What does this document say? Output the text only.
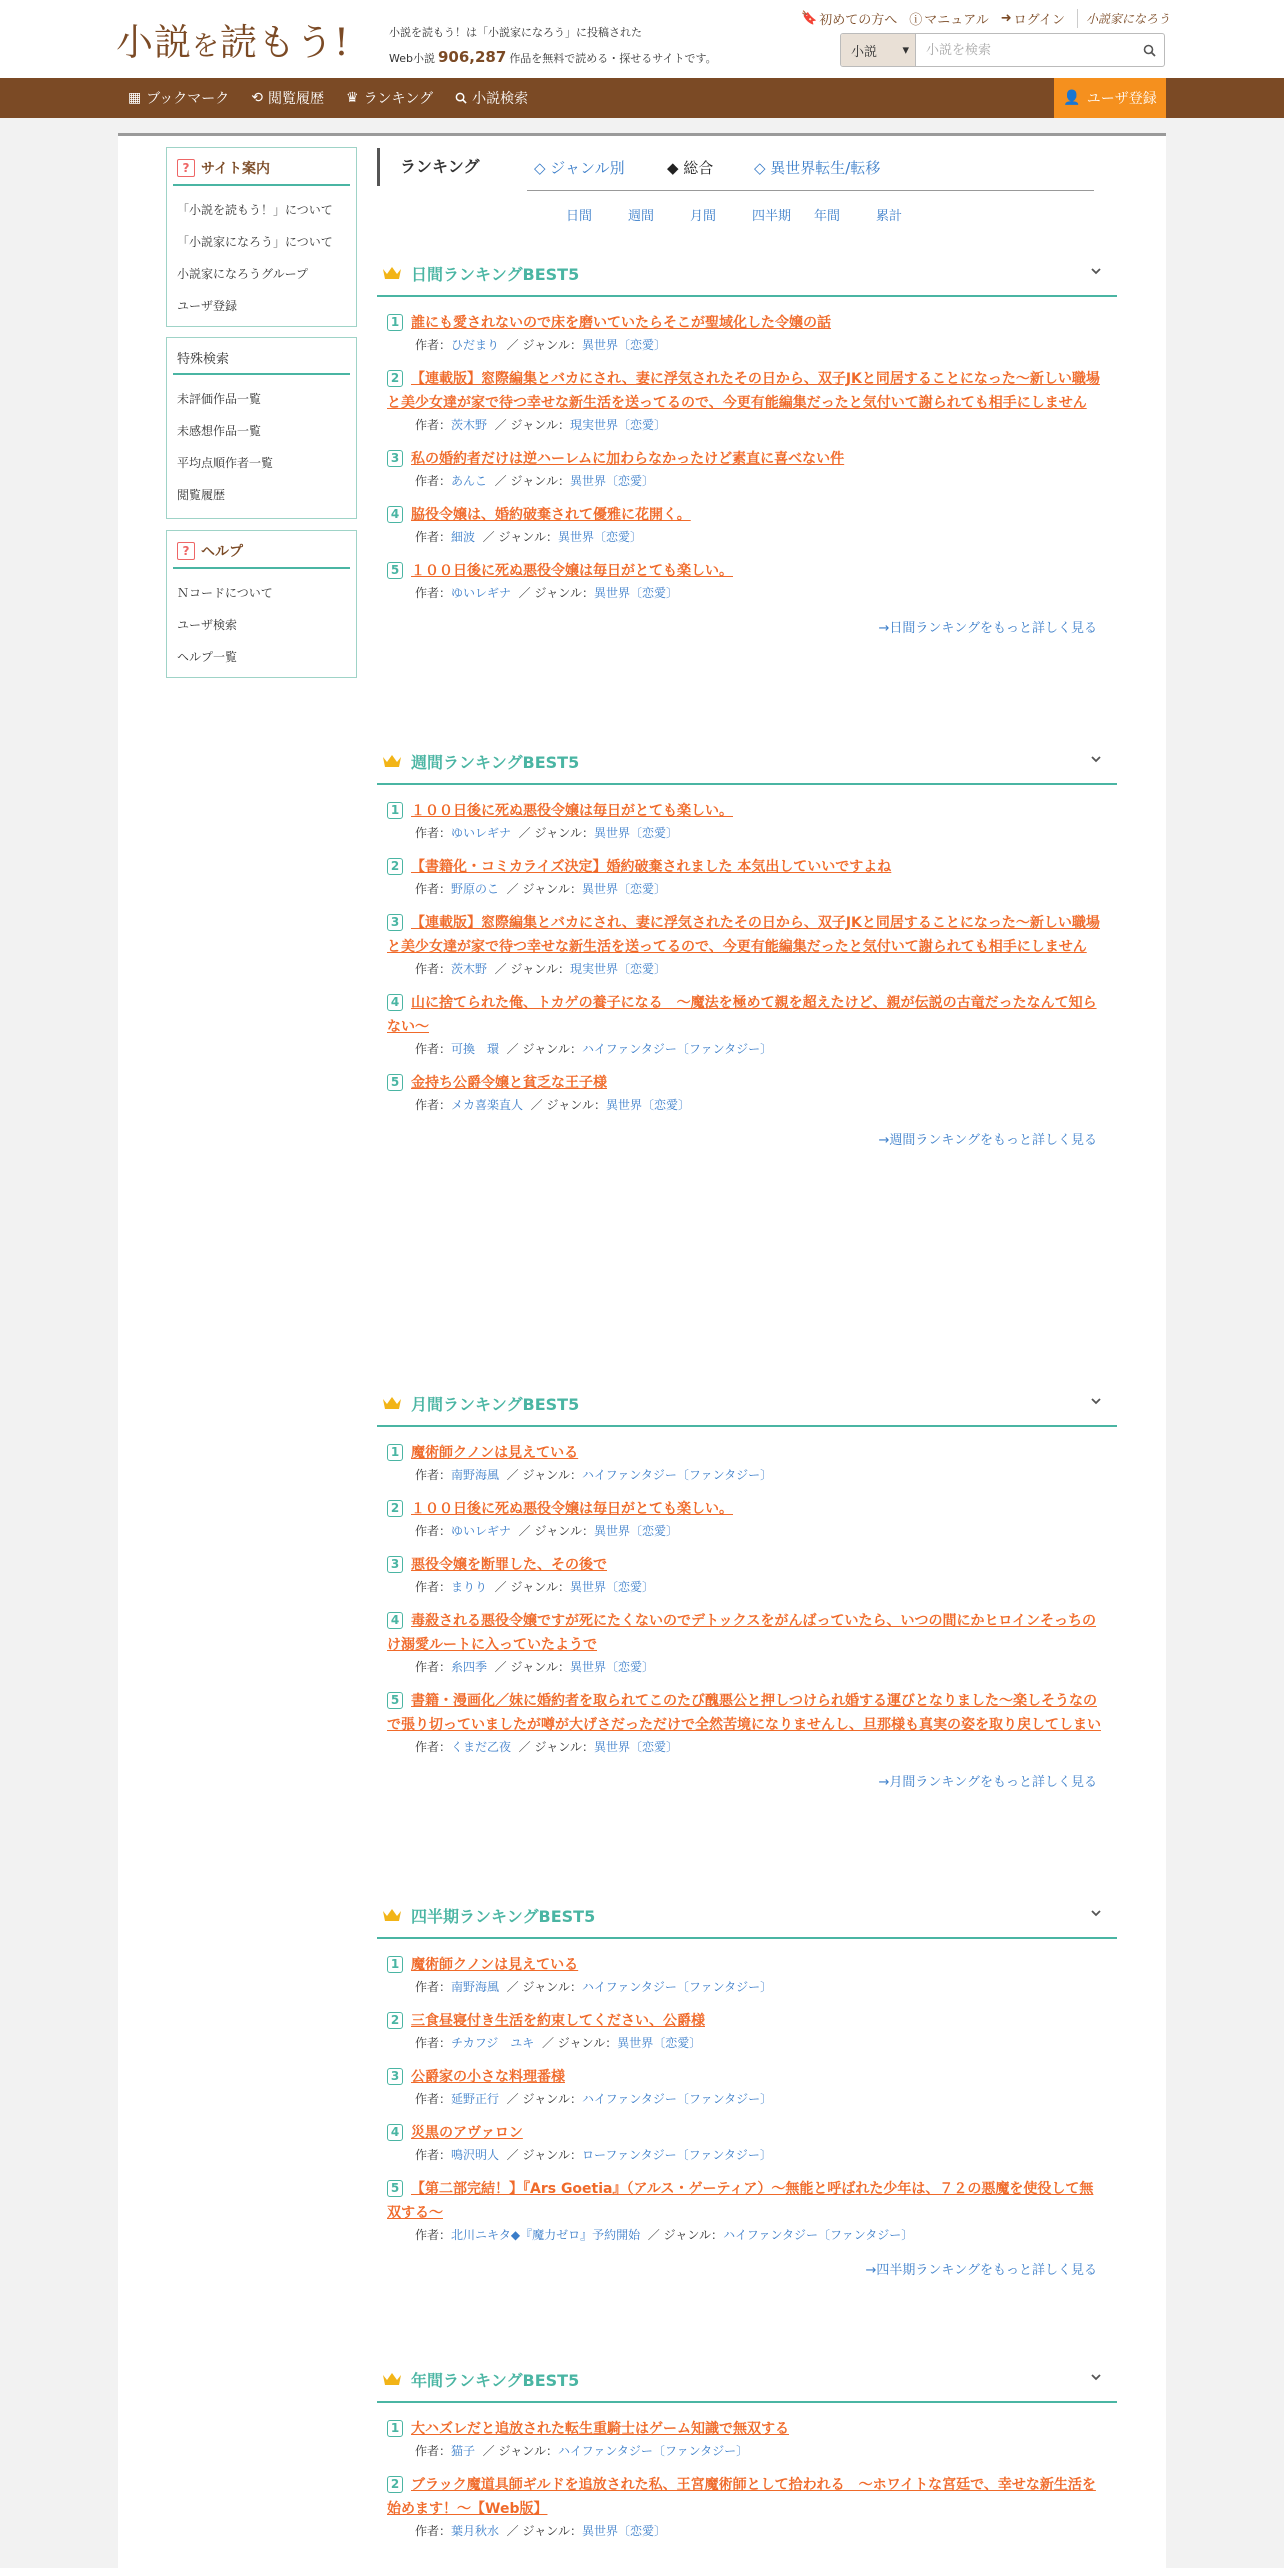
小説を読もう!	小説を読もう！は「小説家になろう」に投稿された
Web小説 906,287 作品を無料で読める・探せるサイトです。
🔖 初めての方へ ⓘ マニュアル ➜ ログイン	小説家になろう
小説 ▾
小説を検索
▦ ブックマーク ⟲ 閲覧履歴 ♛ ランキング	小説検索	👤 ユーザ登録
? サイト案内
「小説を読もう！」について
「小説家になろう」について
小説家になろうグループ
ユーザ登録
特殊検索
未評価作品一覧
未感想作品一覧
平均点順作者一覧
閲覧履歴
? ヘルプ
Ｎコードについて
ユーザ検索
ヘルプ一覧
ランキング	◇ ジャンル別	◆ 総合	◇ 異世界転生/転移
日間	週間	月間	四半期	年間	累計
日間ランキングBEST5
1 誰にも愛されないので床を磨いていたらそこが聖域化した令嬢の話
作者：ひだまり ／ ジャンル：異世界〔恋愛〕
2 【連載版】窓際編集とバカにされ、妻に浮気されたその日から、双子JKと同居することになった〜新しい職場と美少女達が家で待つ幸せな新生活を送ってるので、今更有能編集だったと気付いて謝られても相手にしません
作者：茨木野 ／ ジャンル：現実世界〔恋愛〕
3 私の婚約者だけは逆ハーレムに加わらなかったけど素直に喜べない件
作者：あんこ ／ ジャンル：異世界〔恋愛〕
4 脇役令嬢は、婚約破棄されて優雅に花開く。
作者：細波 ／ ジャンル：異世界〔恋愛〕
5 １００日後に死ぬ悪役令嬢は毎日がとても楽しい。
作者：ゆいレギナ ／ ジャンル：異世界〔恋愛〕
→日間ランキングをもっと詳しく見る
週間ランキングBEST5
1 １００日後に死ぬ悪役令嬢は毎日がとても楽しい。
作者：ゆいレギナ ／ ジャンル：異世界〔恋愛〕
2 【書籍化・コミカライズ決定】婚約破棄されました 本気出していいですよね
作者：野原のこ ／ ジャンル：異世界〔恋愛〕
3 【連載版】窓際編集とバカにされ、妻に浮気されたその日から、双子JKと同居することになった〜新しい職場と美少女達が家で待つ幸せな新生活を送ってるので、今更有能編集だったと気付いて謝られても相手にしません
作者：茨木野 ／ ジャンル：現実世界〔恋愛〕
4 山に捨てられた俺、トカゲの養子になる　〜魔法を極めて親を超えたけど、親が伝説の古竜だったなんて知らない〜
作者：可換　環 ／ ジャンル：ハイファンタジー〔ファンタジー〕
5 金持ち公爵令嬢と貧乏な王子様
作者：メカ喜楽直人 ／ ジャンル：異世界〔恋愛〕
→週間ランキングをもっと詳しく見る
月間ランキングBEST5
1 魔術師クノンは見えている
作者：南野海風 ／ ジャンル：ハイファンタジー〔ファンタジー〕
2 １００日後に死ぬ悪役令嬢は毎日がとても楽しい。
作者：ゆいレギナ ／ ジャンル：異世界〔恋愛〕
3 悪役令嬢を断罪した、その後で
作者：まりり ／ ジャンル：異世界〔恋愛〕
4 毒殺される悪役令嬢ですが死にたくないのでデトックスをがんばっていたら、いつの間にかヒロインそっちのけ溺愛ルートに入っていたようで
作者：糸四季 ／ ジャンル：異世界〔恋愛〕
5 書籍・漫画化／妹に婚約者を取られてこのたび醜悪公と押しつけられ婚する運びとなりました～楽しそうなので張り切っていましたが噂が大げさだっただけで全然苦境になりませんし、旦那様も真実の姿を取り戻してしまい
作者：くまだ乙夜 ／ ジャンル：異世界〔恋愛〕
→月間ランキングをもっと詳しく見る
四半期ランキングBEST5
1 魔術師クノンは見えている
作者：南野海風 ／ ジャンル：ハイファンタジー〔ファンタジー〕
2 三食昼寝付き生活を約束してください、公爵様
作者：チカフジ　ユキ ／ ジャンル：異世界〔恋愛〕
3 公爵家の小さな料理番様
作者：延野正行 ／ ジャンル：ハイファンタジー〔ファンタジー〕
4 災黒のアヴァロン
作者：鳴沢明人 ／ ジャンル：ローファンタジー〔ファンタジー〕
5 【第二部完結！】『Ars Goetia』（アルス・ゲーティア）～無能と呼ばれた少年は、７２の悪魔を使役して無双する～
作者：北川ニキタ◆『魔力ゼロ』予約開始 ／ ジャンル：ハイファンタジー〔ファンタジー〕
→四半期ランキングをもっと詳しく見る
年間ランキングBEST5
1 大ハズレだと追放された転生重騎士はゲーム知識で無双する
作者：猫子 ／ ジャンル：ハイファンタジー〔ファンタジー〕
2 ブラック魔道具師ギルドを追放された私、王宮魔術師として拾われる　～ホワイトな宮廷で、幸せな新生活を始めます！～【Web版】
作者：葉月秋水 ／ ジャンル：異世界〔恋愛〕
